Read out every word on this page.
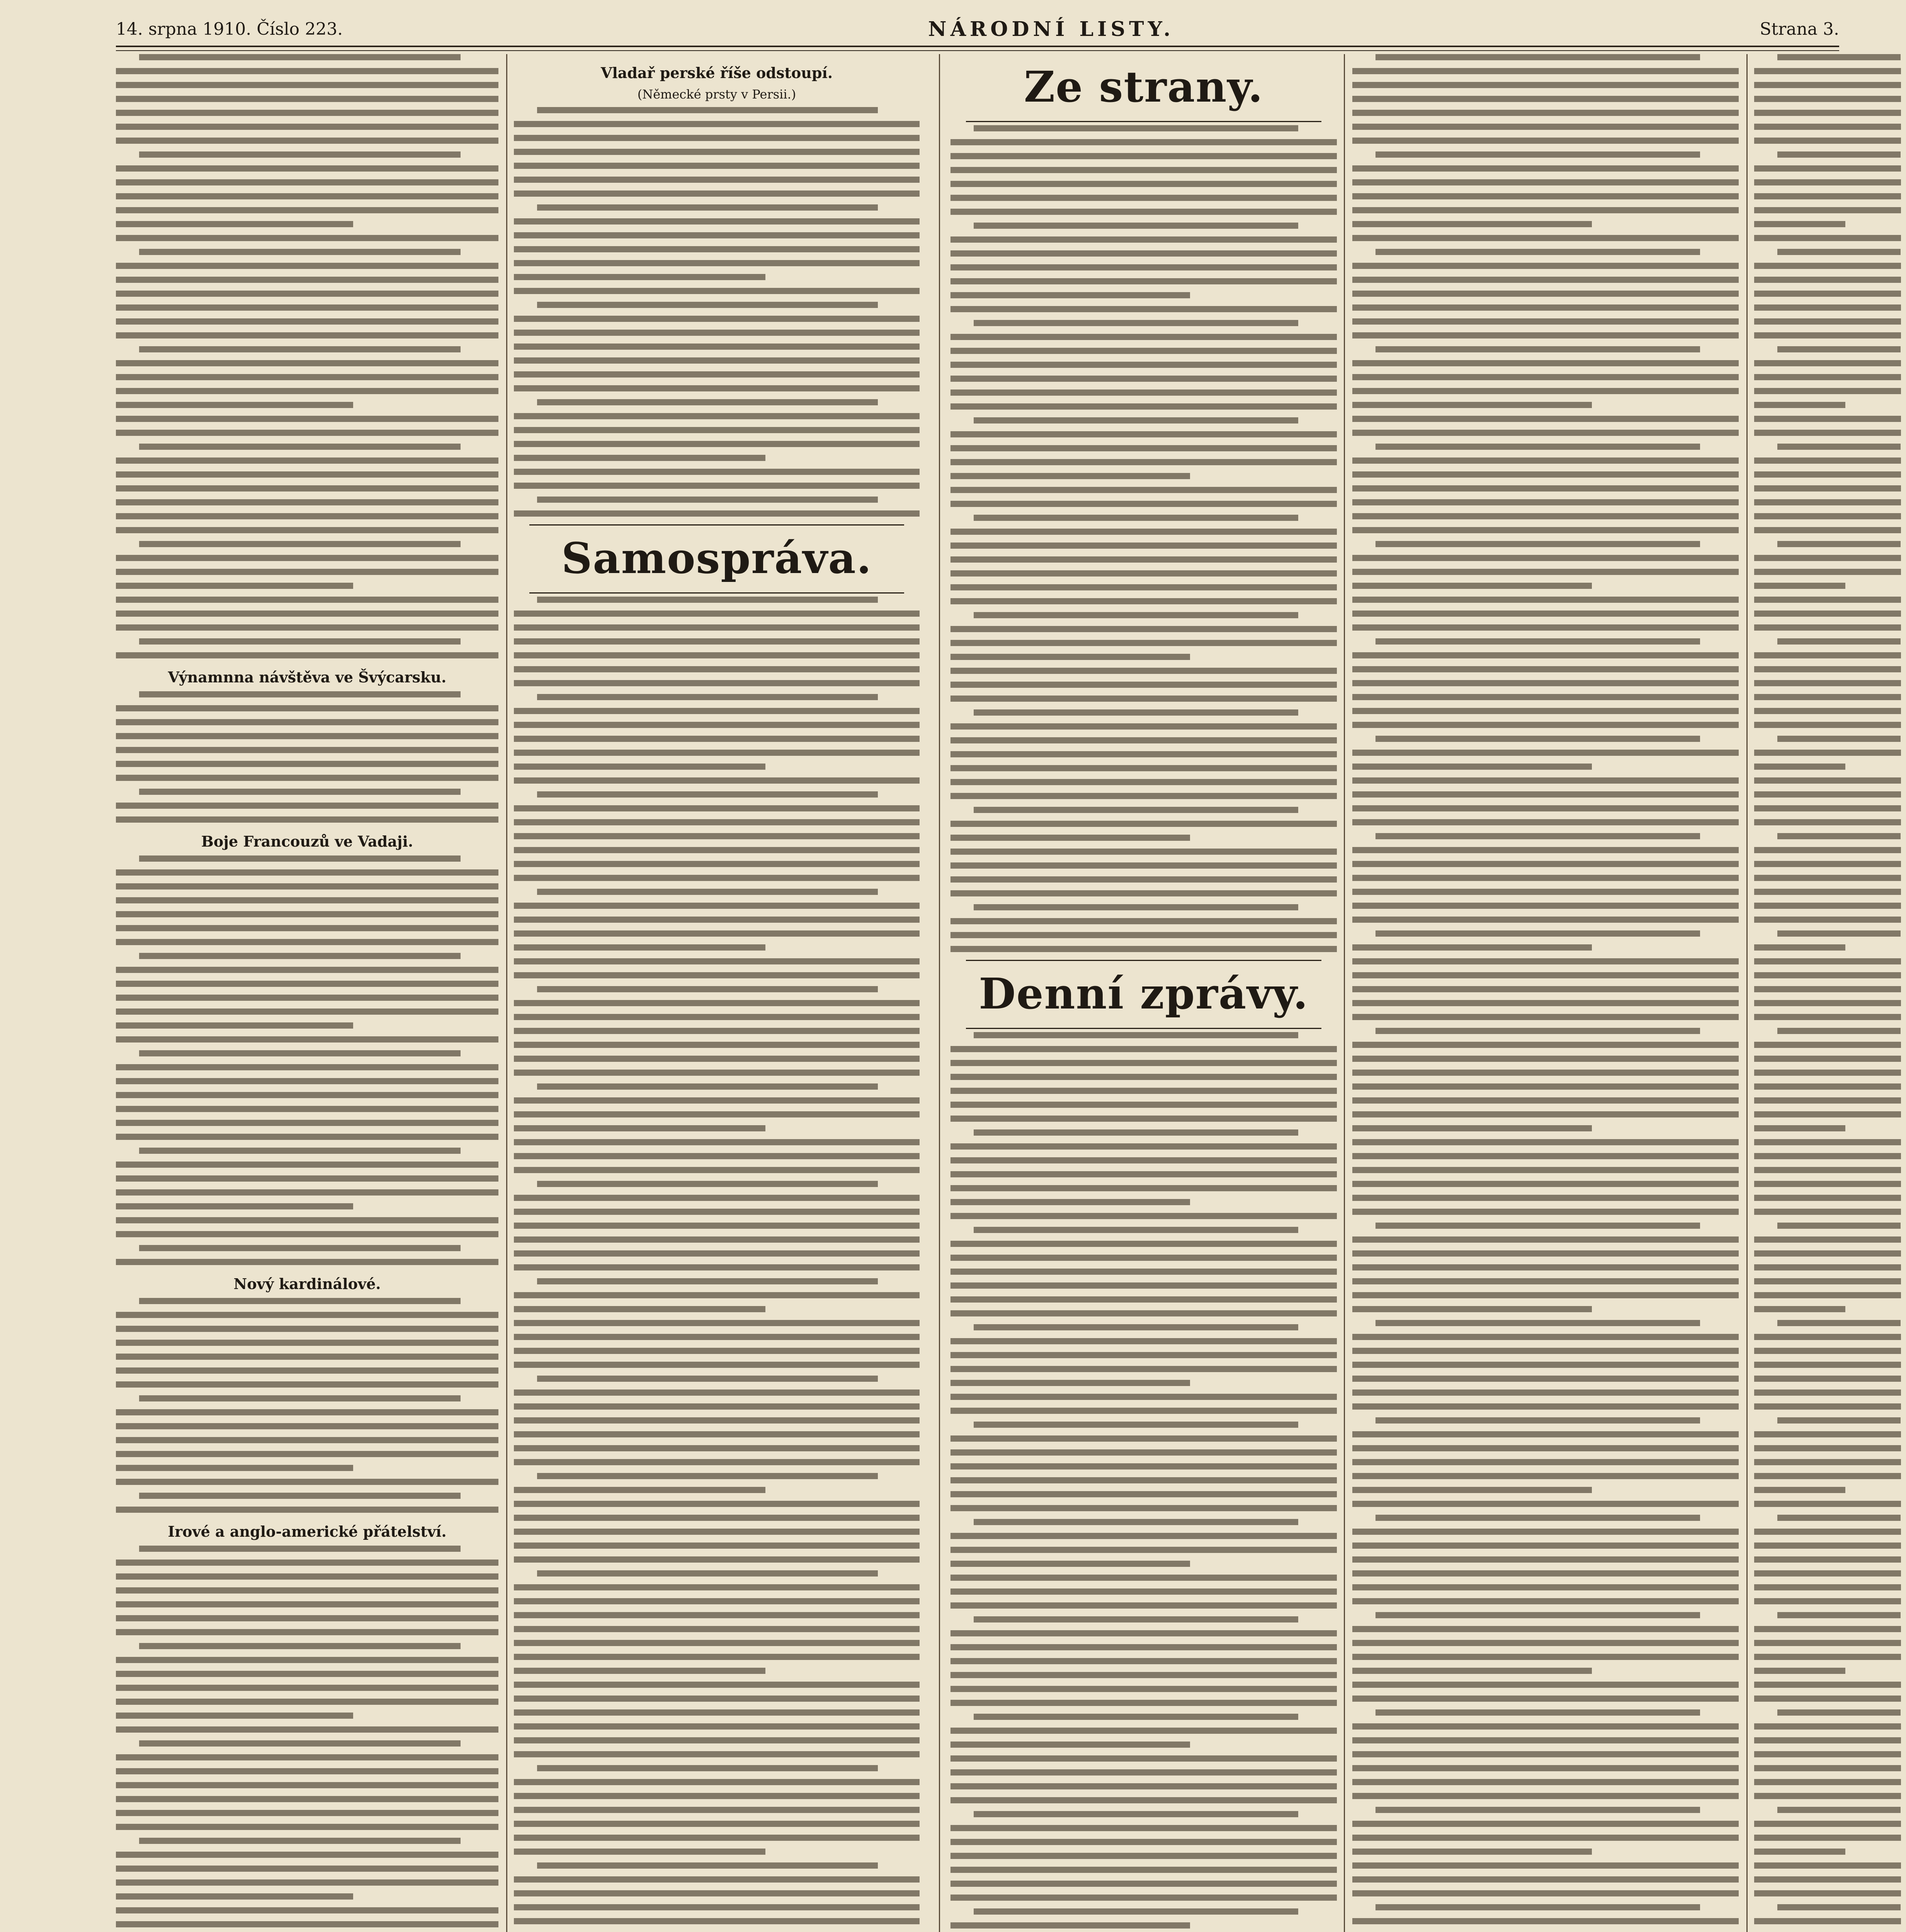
14. srpna 1910. Číslo 223.	NÁRODNÍ LISTY.	Strana 3.
Výnamnna návštěva ve Švýcarsku.
Boje Francouzů ve Vadaji.
Nový kardinálové.
Irové a anglo-americké přátelství.
Vladař perské říše odstoupí.
(Německé prsty v Persii.)
Samospráva.
Ze strany.
Denní zprávy.
